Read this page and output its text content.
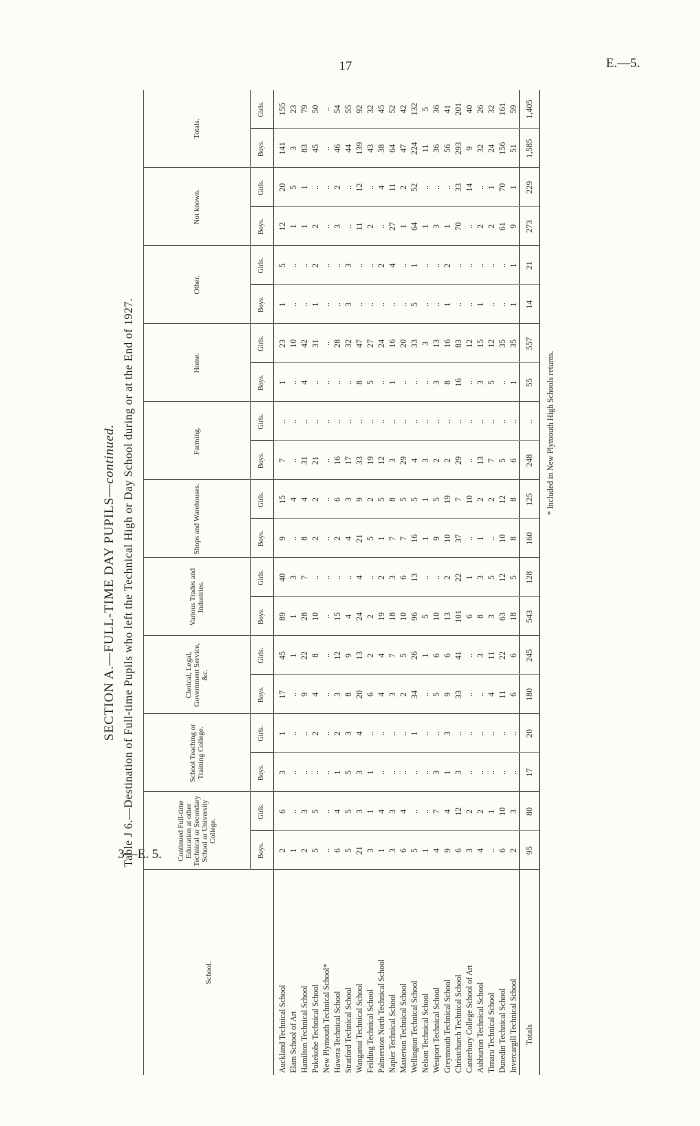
17	E.—5.
3—E. 5.
SECTION A.—FULL-TIME DAY PUPILS—continued. Table J 6.—Destination of Full-time Pupils who left the Technical High or Day School during or at the End of 1927.
School.	Continued Full-time Education at other Technical or Secondary School or University College.		School Teaching or Training College.		Clerical, Legal, Government Service, &c.		Various Trades and Industries.		Shops and Warehouses.		Farming.		Home.		Other.		Not known.		Totals.	
	Boys.	Girls.	Boys.	Girls.	Boys.	Girls.	Boys.	Girls.	Boys.	Girls.	Boys.	Girls.	Boys.	Girls.	Boys.	Girls.	Boys.	Girls.	Boys.	Girls.
Auckland Technical School	2	6	3	1	17	45	89	40	9	15	7	..	1	23	1	5	12	20	141	155
Elam School of Art	1	..	..	..	..	1	1	3	..	4	..	..	..	10	..	..	1	5	3	23
Hamilton Technical School	2	3	..	..	9	22	28	7	8	4	31	..	4	42	..	..	1	1	83	79
Pukekohe Technical School	5	5	..	2	4	8	10	..	2	2	21	..	..	31	1	2	2	..	45	50
New Plymouth Technical School*	..	..	..	..	..	..	..	..	..	..	..	..	..	..	..	..	..	..	..	..
Hawera Technical School	6	4	1	2	3	12	15	..	2	6	16	..	..	28	..	..	3	2	46	54
Stratford Technical School	5	5	5	3	8	9	4	..	4	3	17	..	..	32	3	3	..	..	44	55
Wanganui Technical School	21	3	3	4	20	13	24	4	21	9	33	..	8	47	..	..	11	12	139	92
Feilding Technical School	3	1	1	..	6	2	2	..	5	2	19	..	5	27	..	..	2	..	43	32
Palmerston North Technical School	1	4	..	..	4	4	19	2	1	5	12	..	..	24	..	2	..	4	38	45
Napier Technical School	3	3	..	..	3	7	18	3	7	8	3	..	1	16	..	4	27	11	64	52
Masterton Technical School	6	4	..	..	2	5	10	6	7	5	29	..	..	20	..	..	1	2	47	42
Wellington Technical School	5	..	..	1	34	26	96	13	16	5	4	..	..	33	5	1	64	52	224	132
Nelson Technical School	1	..	..	..	..	1	5	..	1	1	3	..	..	3	..	..	1	..	11	5
Westport Technical School	4	7	3	..	5	6	10	..	9	5	2	..	3	13	..	..	3	..	36	36
Greymouth Technical School	9	4	1	3	9	6	13	2	10	19	2	..	8	16	1	2	1	..	56	41
Christchurch Technical School	6	12	3	..	33	41	101	22	37	7	29	..	16	83	..	..	70	33	293	201
Canterbury College School of Art	3	2	..	..	..	..	6	1	..	10	..	..	..	12	..	..	..	14	9	40
Ashburton Technical School	4	2	..	..	..	3	8	3	1	2	13	..	3	15	1	..	2	..	32	26
Timaru Technical School	..	1	..	..	4	11	3	5	..	2	7	..	5	12	..	..	2	1	24	32
Dunedin Technical School	6	10	..	..	11	22	63	12	10	12	5	..	..	35	..	..	61	70	156	161
Invercargill Technical School	2	3	..	..	6	6	18	5	8	8	6	..	1	35	1	1	9	1	51	59
Totals	95	80	17	20	180	245	543	128	160	125	248	..	55	557	14	21	273	229	1,585	1,405
* Included in New Plymouth High Schools returns.
